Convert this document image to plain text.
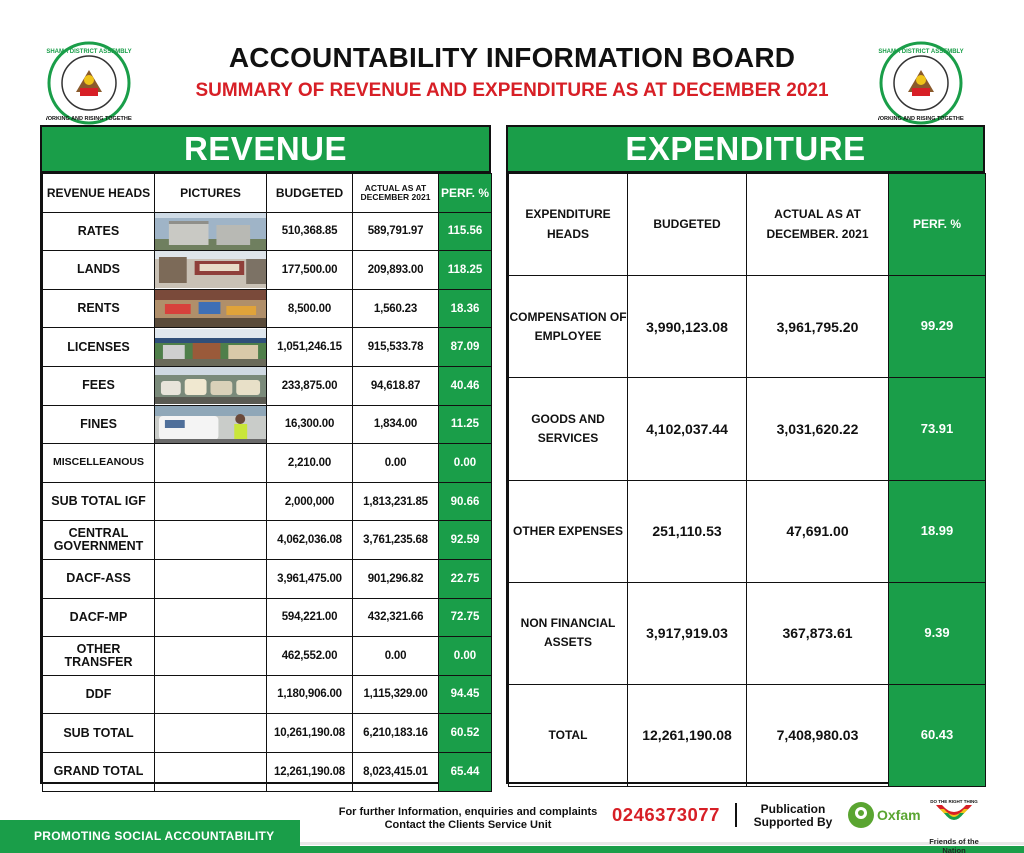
SHAMA DISTRICT ASSEMBLY
WORKING AND RISING TOGETHER
SHAMA DISTRICT ASSEMBLY
WORKING AND RISING TOGETHER
ACCOUNTABILITY INFORMATION BOARD
SUMMARY OF REVENUE AND EXPENDITURE AS AT DECEMBER 2021
REVENUE
REVENUE HEADS	PICTURES	BUDGETED	ACTUAL AS AT DECEMBER 2021	PERF. %
RATES		510,368.85	589,791.97	115.56
LANDS		177,500.00	209,893.00	118.25
RENTS		8,500.00	1,560.23	18.36
LICENSES		1,051,246.15	915,533.78	87.09
FEES		233,875.00	94,618.87	40.46
FINES		16,300.00	1,834.00	11.25
MISCELLEANOUS		2,210.00	0.00	0.00
SUB TOTAL IGF		2,000,000	1,813,231.85	90.66
CENTRAL GOVERNMENT		4,062,036.08	3,761,235.68	92.59
DACF-ASS		3,961,475.00	901,296.82	22.75
DACF-MP		594,221.00	432,321.66	72.75
OTHER TRANSFER		462,552.00	0.00	0.00
DDF		1,180,906.00	1,115,329.00	94.45
SUB TOTAL		10,261,190.08	6,210,183.16	60.52
GRAND TOTAL		12,261,190.08	8,023,415.01	65.44
EXPENDITURE
EXPENDITURE HEADS	BUDGETED	ACTUAL AS AT DECEMBER. 2021	PERF. %
COMPENSATION OF EMPLOYEE	3,990,123.08	3,961,795.20	99.29
GOODS AND SERVICES	4,102,037.44	3,031,620.22	73.91
OTHER EXPENSES	251,110.53	47,691.00	18.99
NON FINANCIAL ASSETS	3,917,919.03	367,873.61	9.39
TOTAL	12,261,190.08	7,408,980.03	60.43
PROMOTING SOCIAL ACCOUNTABILITY
For further Information, enquiries and complaints
Contact the Clients Service Unit
0246373077	Publication Supported By	Oxfam
DO THE RIGHT THING
Friends of the Nation
